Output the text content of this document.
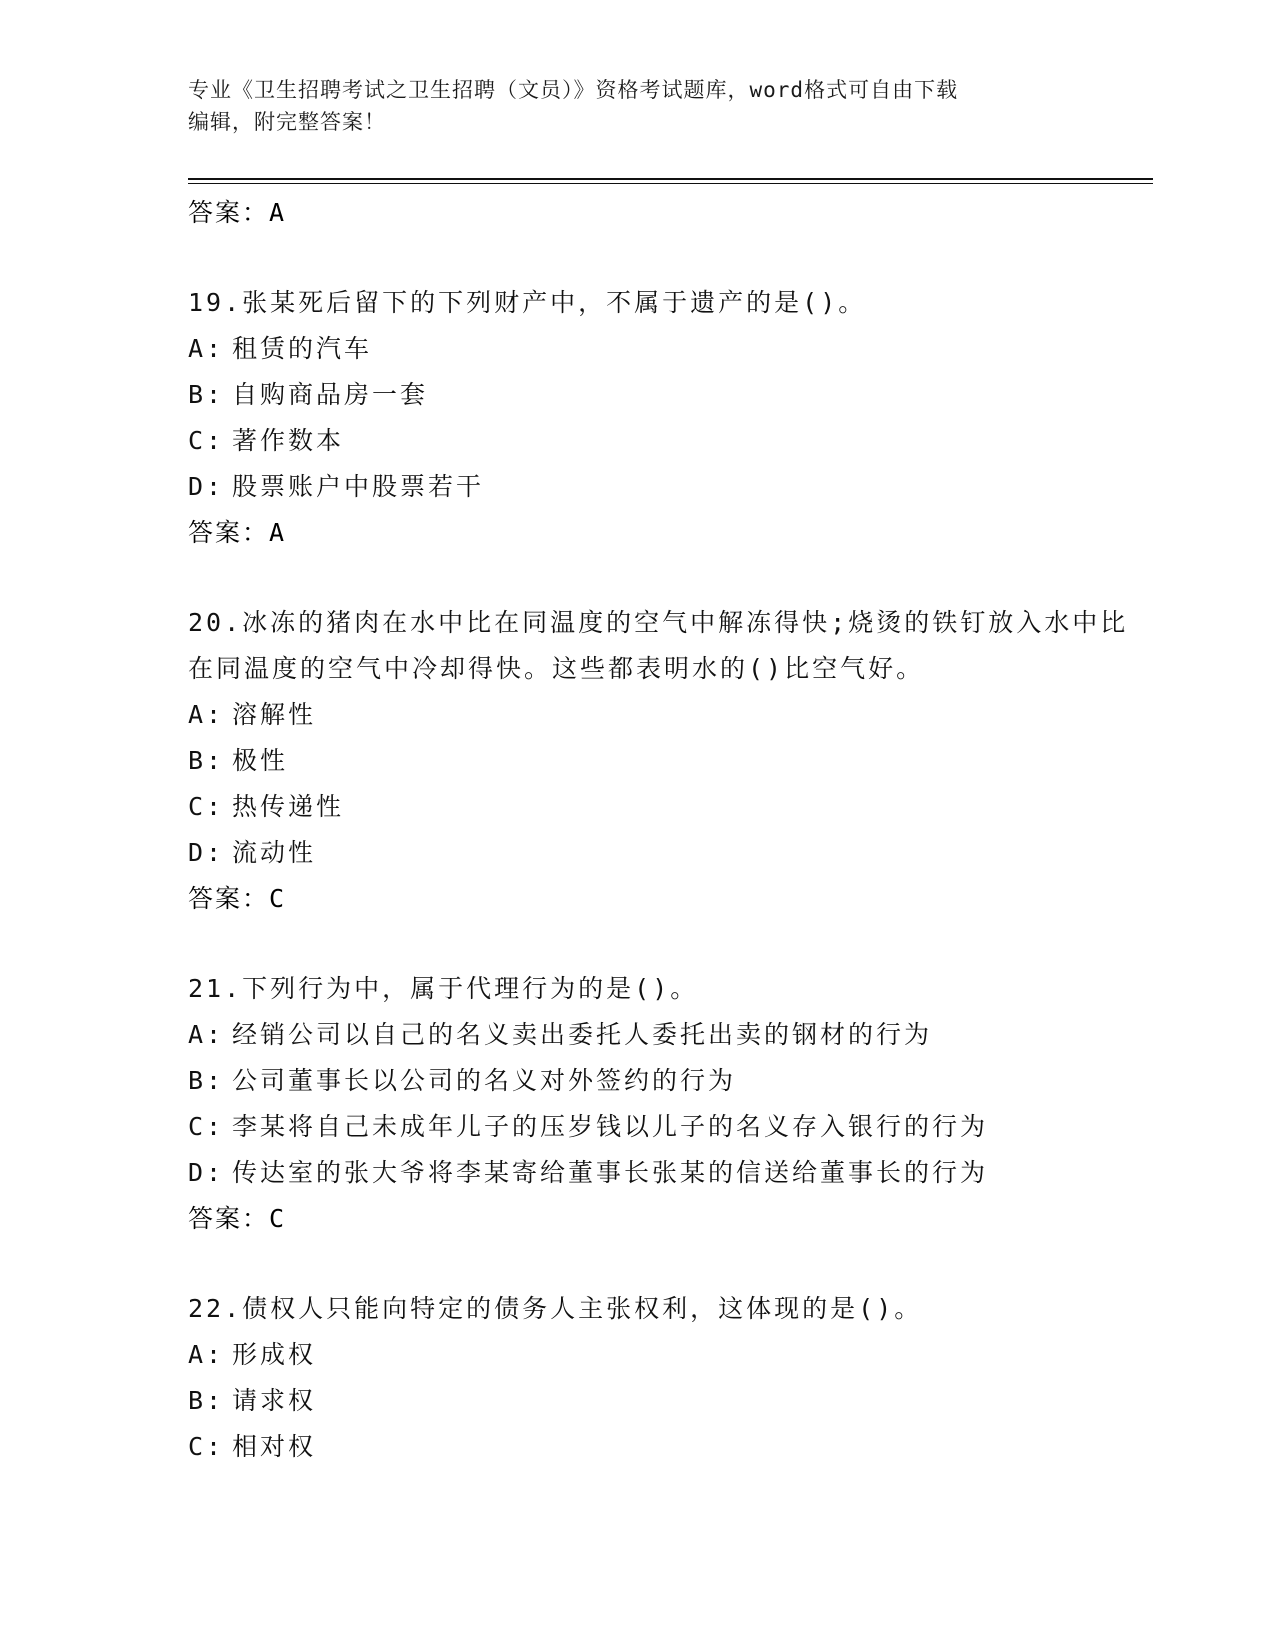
专业《卫生招聘考试之卫生招聘（文员）》资格考试题库，word格式可自由下载
编辑，附完整答案！
答案：A
19.张某死后留下的下列财产中，不属于遗产的是()。
A: 租赁的汽车
B: 自购商品房一套
C: 著作数本
D: 股票账户中股票若干
答案：A
20.冰冻的猪肉在水中比在同温度的空气中解冻得快;烧烫的铁钉放入水中比在同温度的空气中冷却得快。这些都表明水的()比空气好。
A: 溶解性
B: 极性
C: 热传递性
D: 流动性
答案：C
21.下列行为中，属于代理行为的是()。
A: 经销公司以自己的名义卖出委托人委托出卖的钢材的行为
B: 公司董事长以公司的名义对外签约的行为
C: 李某将自己未成年儿子的压岁钱以儿子的名义存入银行的行为
D: 传达室的张大爷将李某寄给董事长张某的信送给董事长的行为
答案：C
22.债权人只能向特定的债务人主张权利，这体现的是()。
A: 形成权
B: 请求权
C: 相对权
